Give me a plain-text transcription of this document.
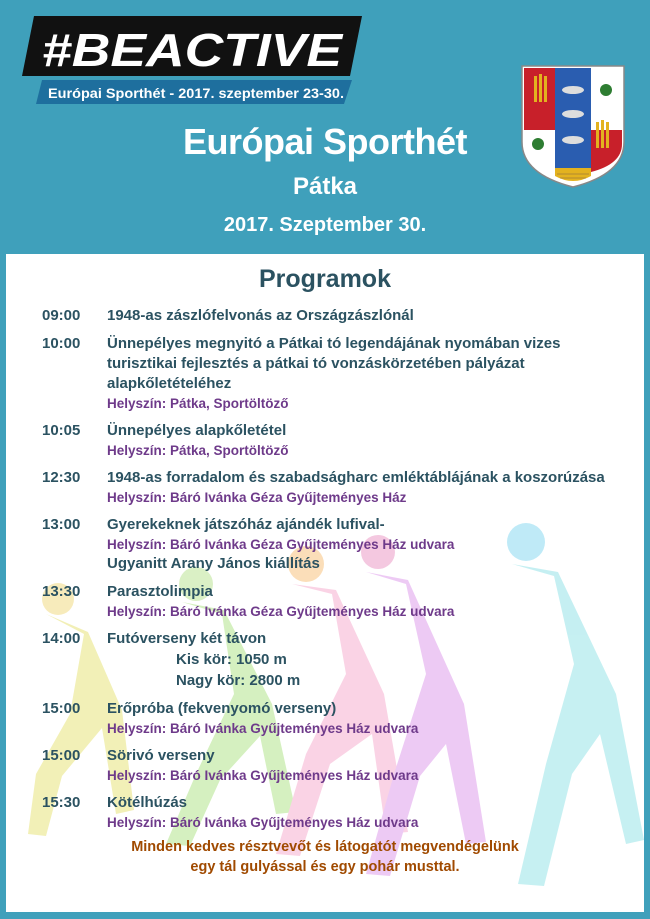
#BEACTIVE
Európai Sporthét - 2017. szeptember 23-30.
Európai Sporthét
Pátka
2017. Szeptember 30.
Programok
09:00 1948-as zászlófelvonás az Országzászlónál
10:00 Ünnepélyes megnyitó a Pátkai tó legendájának nyomában vizes turisztikai fejlesztés a pátkai tó vonzáskörzetében pályázat alapkőletételéhez
Helyszín: Pátka, Sportöltöző
10:05 Ünnepélyes alapkőletétel
Helyszín: Pátka, Sportöltöző
12:30 1948-as forradalom és szabadságharc emléktáblájának a koszorúzása
Helyszín: Báró Ivánka Géza Gyűjteményes Ház
13:00 Gyerekeknek játszóház ajándék lufival-
Helyszín: Báró Ivánka Géza Gyűjteményes Ház udvara
Ugyanitt Arany János kiállítás
13:30 Parasztolimpia
Helyszín: Báró Ivánka Géza Gyűjteményes Ház udvara
14:00 Futóverseny két távon
Kis kör: 1050 m
Nagy kör: 2800 m
15:00 Erőpróba (fekvenyomó verseny)
Helyszín: Báró Ivánka Gyűjteményes Ház udvara
15:00 Sörivó verseny
Helyszín: Báró Ivánka Gyűjteményes Ház udvara
15:30 Kötélhúzás
Helyszín: Báró Ivánka Gyűjteményes Ház udvara
Minden kedves résztvevőt és látogatót megvendégelünk
egy tál gulyással és egy pohár musttal.
